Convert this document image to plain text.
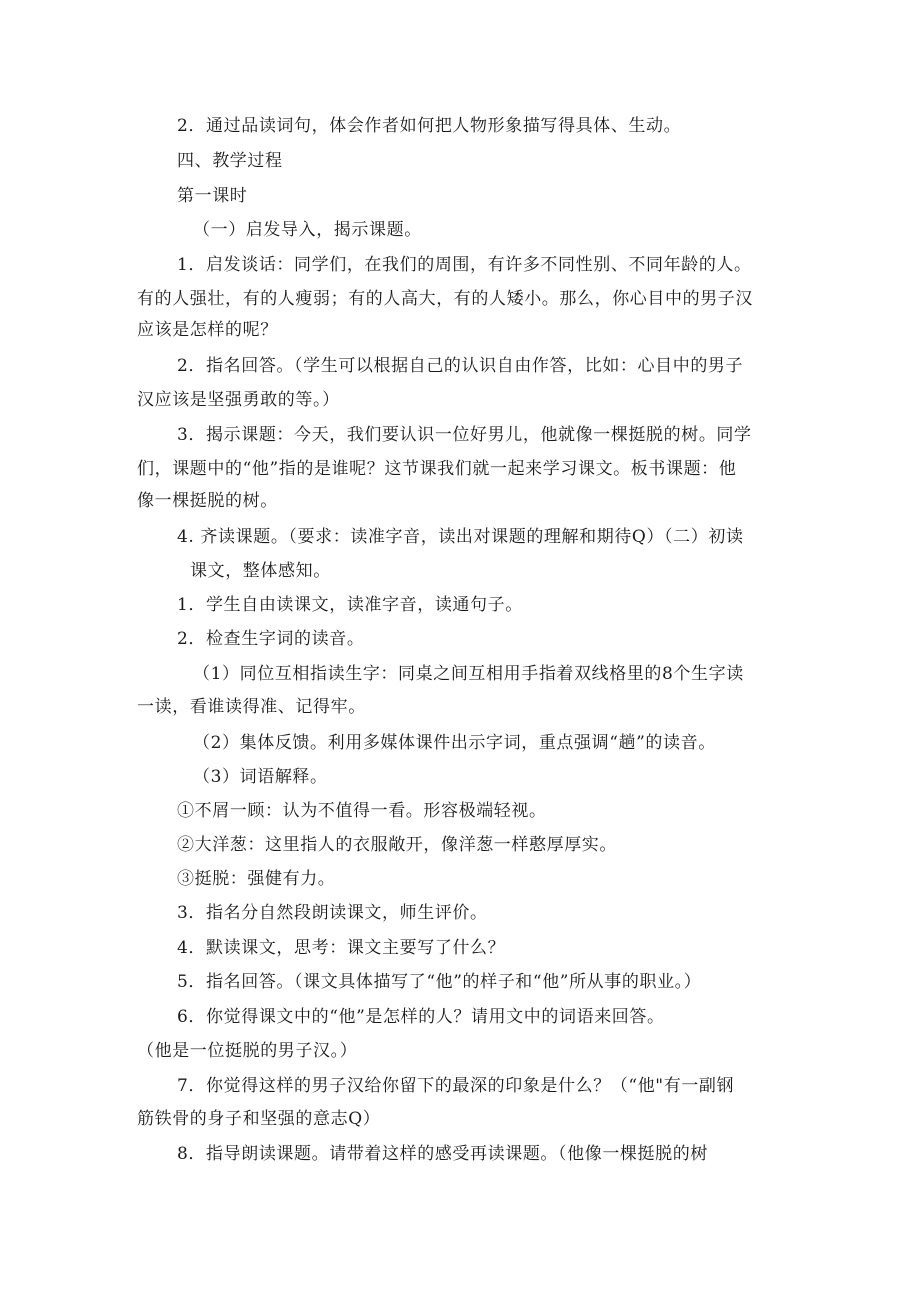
2．通过品读词句，体会作者如何把人物形象描写得具体、生动。
四、教学过程
第一课时
（一）启发导入，揭示课题。
1．启发谈话：同学们，在我们的周围，有许多不同性别、不同年龄的人。
有的人强壮，有的人瘦弱；有的人高大，有的人矮小。那么，你心目中的男子汉
应该是怎样的呢？
2．指名回答。（学生可以根据自己的认识自由作答，比如：心目中的男子
汉应该是坚强勇敢的等。）
3．揭示课题：今天，我们要认识一位好男儿，他就像一棵挺脱的树。同学
们，课题中的“他”指的是谁呢？这节课我们就一起来学习课文。板书课题：他
像一棵挺脱的树。
4. 齐读课题。（要求：读准字音，读出对课题的理解和期待Q）（二）初读
课文，整体感知。
1．学生自由读课文，读准字音，读通句子。
2．检查生字词的读音。
（1）同位互相指读生字：同桌之间互相用手指着双线格里的8个生字读
一读，看谁读得准、记得牢。
（2）集体反馈。利用多媒体课件出示字词，重点强调“趟”的读音。
（3）词语解释。
①不屑一顾：认为不值得一看。形容极端轻视。
②大洋葱：这里指人的衣服敞开，像洋葱一样憨厚厚实。
③挺脱：强健有力。
3．指名分自然段朗读课文，师生评价。
4．默读课文，思考：课文主要写了什么？
5．指名回答。（课文具体描写了“他”的样子和“他”所从事的职业。）
6．你觉得课文中的“他”是怎样的人？请用文中的词语来回答。
（他是一位挺脱的男子汉。）
7．你觉得这样的男子汉给你留下的最深的印象是什么？（“他"有一副钢
筋铁骨的身子和坚强的意志Q）
8．指导朗读课题。请带着这样的感受再读课题。（他像一棵挺脱的树
